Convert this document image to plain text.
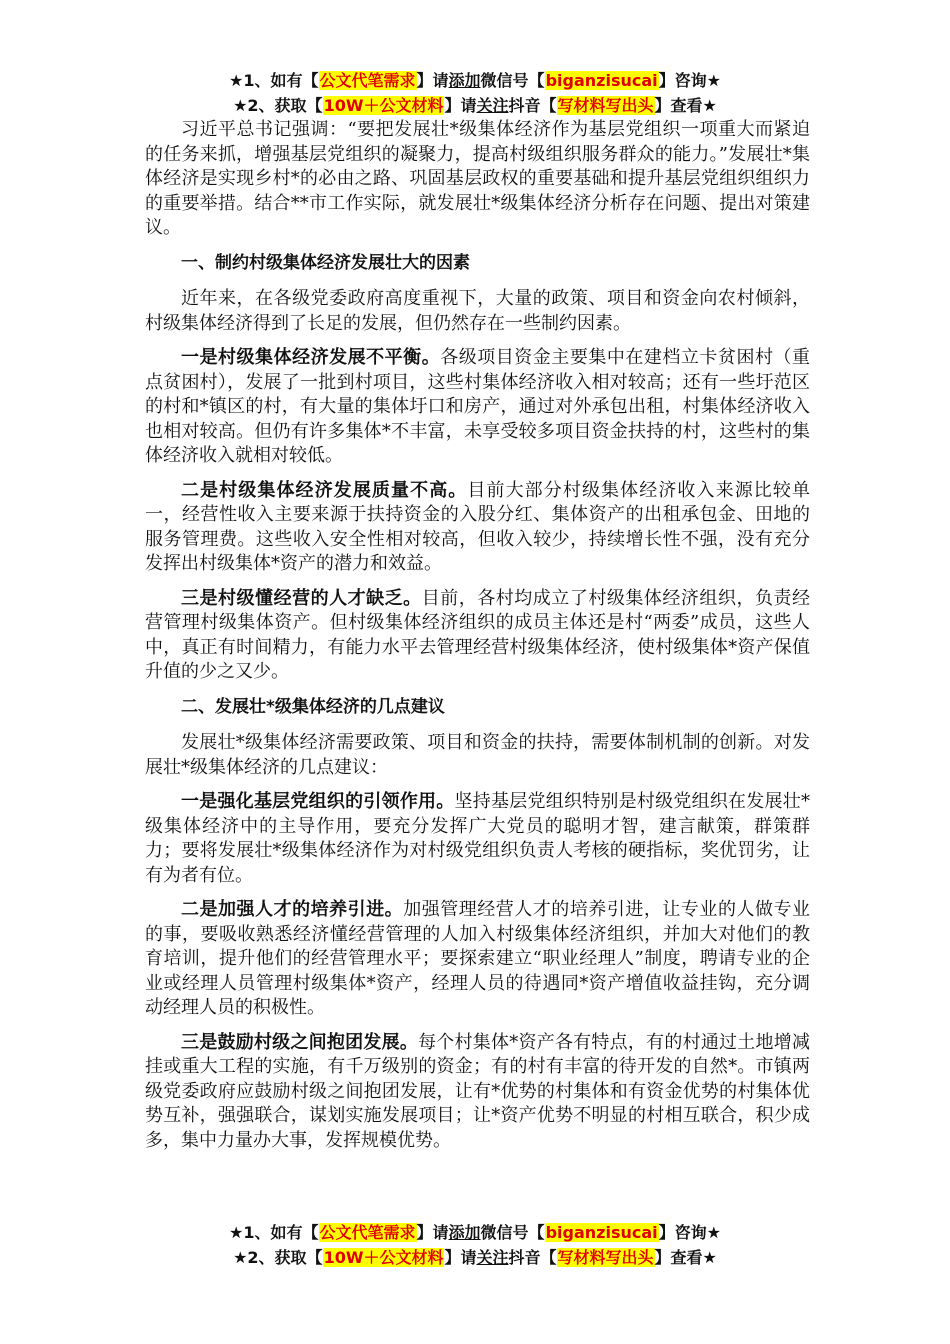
★1、如有【公文代笔需求】请添加微信号【biganzisucai】咨询★
★2、获取【10W＋公文材料】请关注抖音【写材料写出头】查看★

习近平总书记强调：“要把发展壮*级集体经济作为基层党组织一项重大而紧迫的任务来抓，增强基层党组织的凝聚力，提高村级组织服务群众的能力。”发展壮*集体经济是实现乡村*的必由之路、巩固基层政权的重要基础和提升基层党组织组织力的重要举措。结合**市工作实际，就发展壮*级集体经济分析存在问题、提出对策建议。

一、制约村级集体经济发展壮大的因素

近年来，在各级党委政府高度重视下，大量的政策、项目和资金向农村倾斜，村级集体经济得到了长足的发展，但仍然存在一些制约因素。

一是村级集体经济发展不平衡。各级项目资金主要集中在建档立卡贫困村（重点贫困村），发展了一批到村项目，这些村集体经济收入相对较高；还有一些圩范区的村和*镇区的村，有大量的集体圩口和房产，通过对外承包出租，村集体经济收入也相对较高。但仍有许多集体*不丰富，未享受较多项目资金扶持的村，这些村的集体经济收入就相对较低。

二是村级集体经济发展质量不高。目前大部分村级集体经济收入来源比较单一，经营性收入主要来源于扶持资金的入股分红、集体资产的出租承包金、田地的服务管理费。这些收入安全性相对较高，但收入较少，持续增长性不强，没有充分发挥出村级集体*资产的潜力和效益。

三是村级懂经营的人才缺乏。目前，各村均成立了村级集体经济组织，负责经营管理村级集体资产。但村级集体经济组织的成员主体还是村“两委”成员，这些人中，真正有时间精力，有能力水平去管理经营村级集体经济，使村级集体*资产保值升值的少之又少。

二、发展壮*级集体经济的几点建议

发展壮*级集体经济需要政策、项目和资金的扶持，需要体制机制的创新。对发展壮*级集体经济的几点建议：

一是强化基层党组织的引领作用。坚持基层党组织特别是村级党组织在发展壮*级集体经济中的主导作用，要充分发挥广大党员的聪明才智，建言献策，群策群力；要将发展壮*级集体经济作为对村级党组织负责人考核的硬指标，奖优罚劣，让有为者有位。

二是加强人才的培养引进。加强管理经营人才的培养引进，让专业的人做专业的事，要吸收熟悉经济懂经营管理的人加入村级集体经济组织，并加大对他们的教育培训，提升他们的经营管理水平；要探索建立“职业经理人”制度，聘请专业的企业或经理人员管理村级集体*资产，经理人员的待遇同*资产增值收益挂钩，充分调动经理人员的积极性。

三是鼓励村级之间抱团发展。每个村集体*资产各有特点，有的村通过土地增减挂或重大工程的实施，有千万级别的资金；有的村有丰富的待开发的自然*。市镇两级党委政府应鼓励村级之间抱团发展，让有*优势的村集体和有资金优势的村集体优势互补，强强联合，谋划实施发展项目；让*资产优势不明显的村相互联合，积少成多，集中力量办大事，发挥规模优势。

★1、如有【公文代笔需求】请添加微信号【biganzisucai】咨询★
★2、获取【10W＋公文材料】请关注抖音【写材料写出头】查看★
